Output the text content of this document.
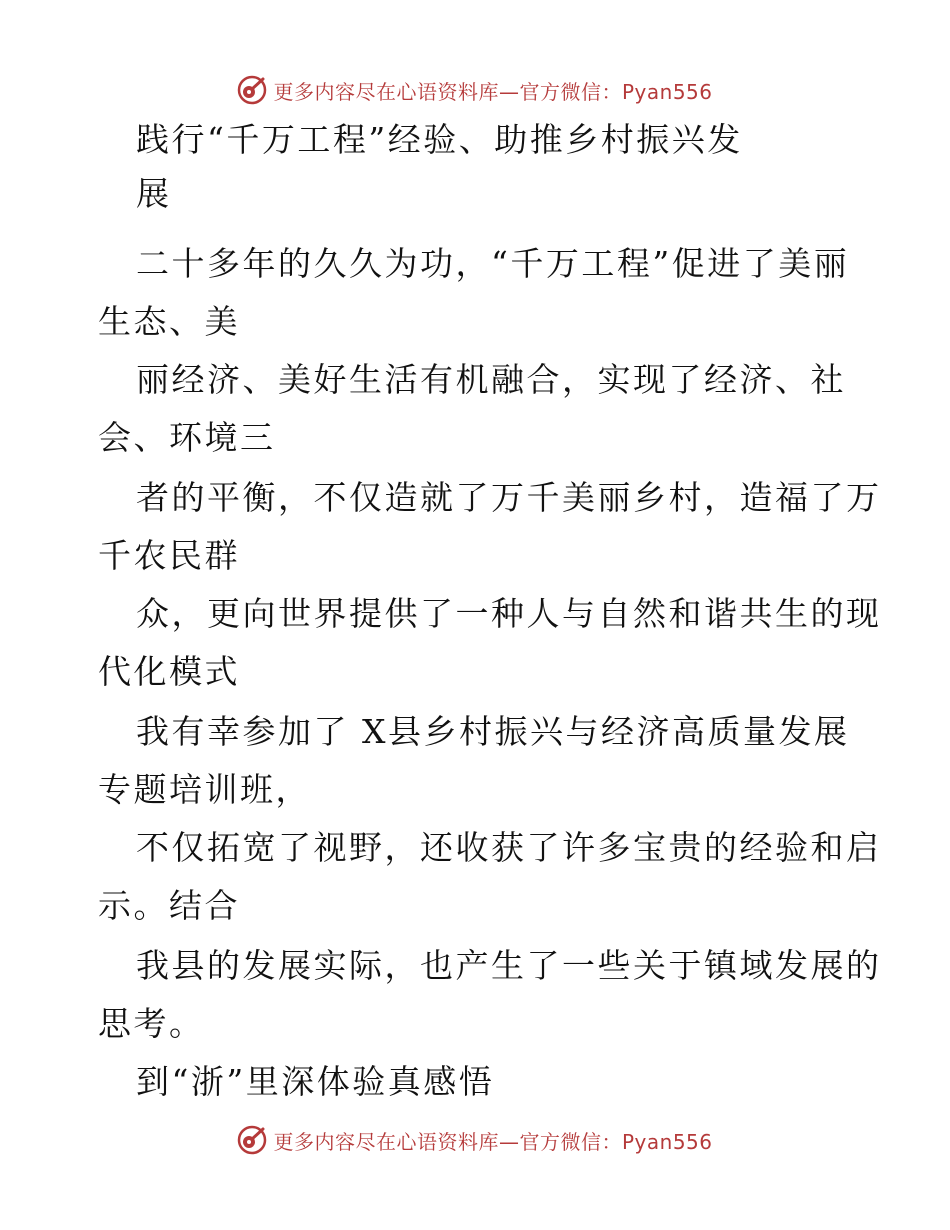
更多内容尽在心语资料库—官方微信：Pyan556
践行“千万工程”经验、助推乡村振兴发
展
二十多年的久久为功，“千万工程”促进了美丽
生态、美
丽经济、美好生活有机融合，实现了经济、社
会、环境三
者的平衡，不仅造就了万千美丽乡村，造福了万
千农民群
众，更向世界提供了一种人与自然和谐共生的现
代化模式
我有幸参加了 X县乡村振兴与经济高质量发展
专题培训班，
不仅拓宽了视野，还收获了许多宝贵的经验和启
示。结合
我县的发展实际，也产生了一些关于镇域发展的
思考。
到“浙”里深体验真感悟
更多内容尽在心语资料库—官方微信：Pyan556
